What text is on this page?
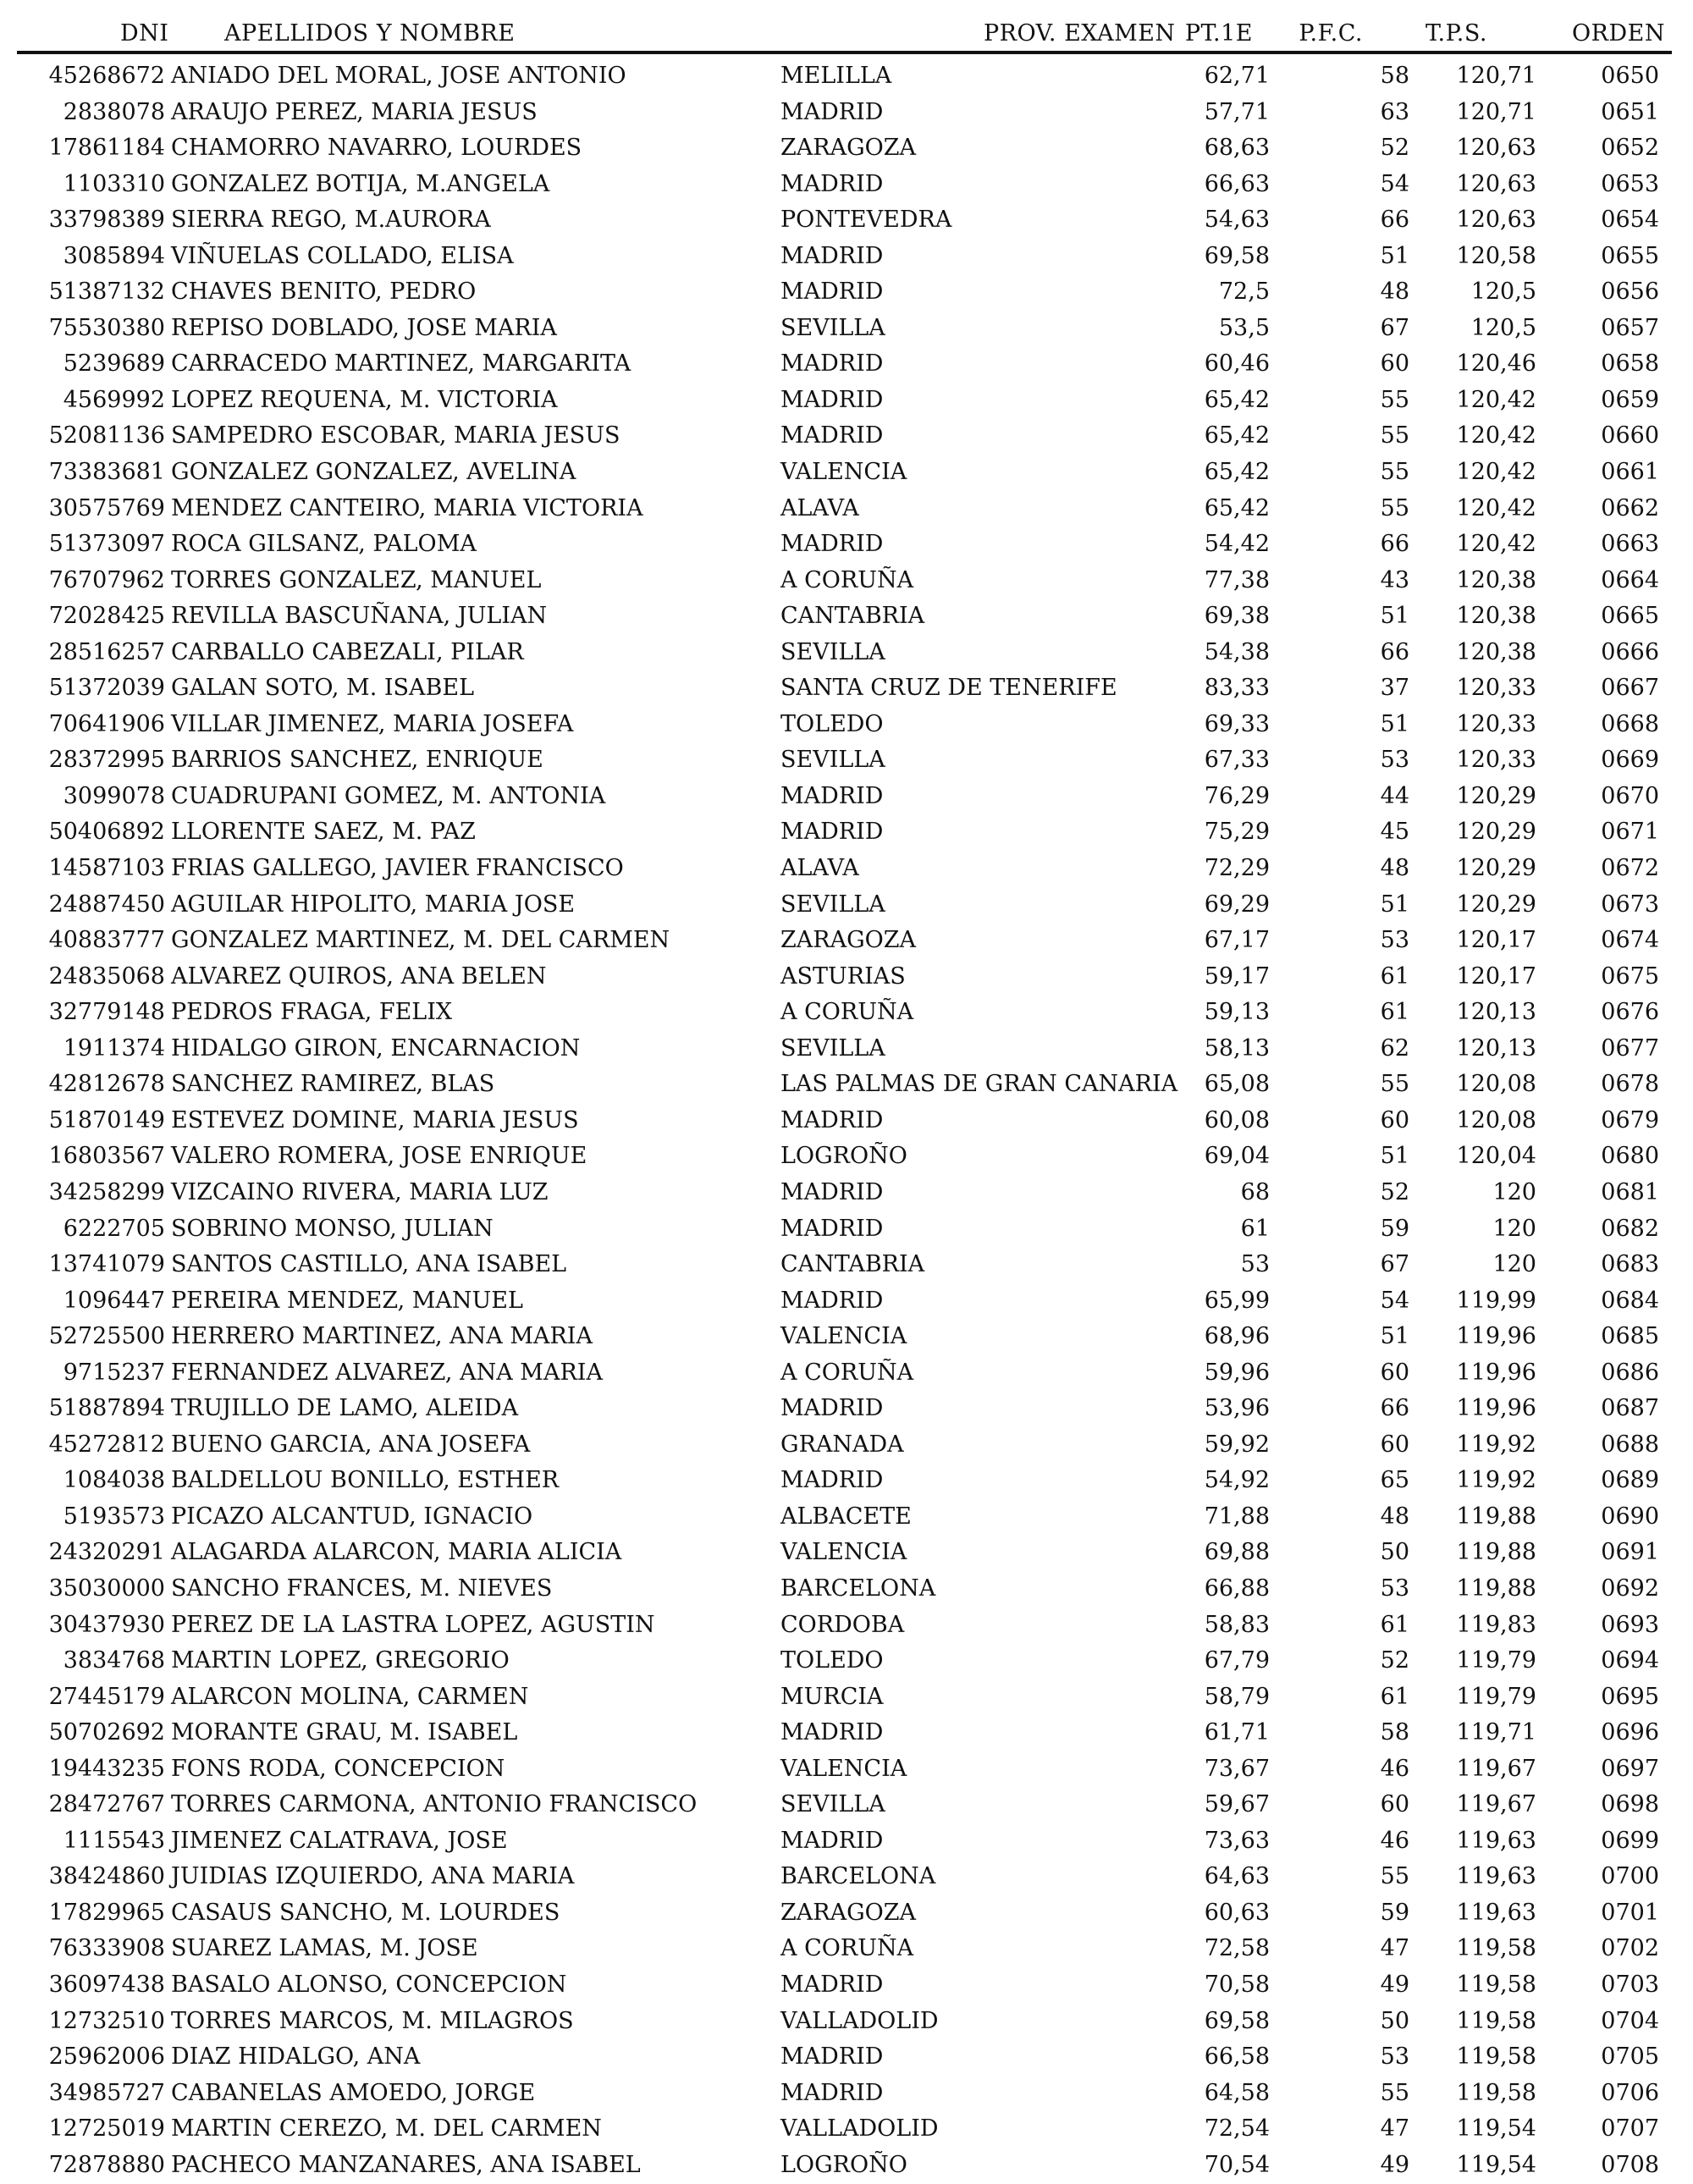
DNI APELLIDOS Y NOMBRE	PROV. EXAMEN PT.1E P.F.C.	T.P.S.	ORDEN
45268672 ANIADO DEL MORAL, JOSE ANTONIO	MELILLA	62,71	58 120,71	0650
2838078 ARAUJO PEREZ, MARIA JESUS	MADRID	57,71	63 120,71	0651
17861184 CHAMORRO NAVARRO, LOURDES	ZARAGOZA	68,63	52 120,63	0652
1103310 GONZALEZ BOTIJA, M.ANGELA	MADRID	66,63	54 120,63	0653
33798389 SIERRA REGO, M.AURORA	PONTEVEDRA	54,63	66 120,63	0654
3085894 VIÑUELAS COLLADO, ELISA	MADRID	69,58	51 120,58	0655
51387132 CHAVES BENITO, PEDRO	MADRID	72,5	48	120,5	0656
75530380 REPISO DOBLADO, JOSE MARIA	SEVILLA	53,5	67	120,5	0657
5239689 CARRACEDO MARTINEZ, MARGARITA	MADRID	60,46	60 120,46	0658
4569992 LOPEZ REQUENA, M. VICTORIA	MADRID	65,42	55 120,42	0659
52081136 SAMPEDRO ESCOBAR, MARIA JESUS	MADRID	65,42	55 120,42	0660
73383681 GONZALEZ GONZALEZ, AVELINA	VALENCIA	65,42	55 120,42	0661
30575769 MENDEZ CANTEIRO, MARIA VICTORIA	ALAVA	65,42	55 120,42	0662
51373097 ROCA GILSANZ, PALOMA	MADRID	54,42	66 120,42	0663
76707962 TORRES GONZALEZ, MANUEL	A CORUÑA	77,38	43 120,38	0664
72028425 REVILLA BASCUÑANA, JULIAN	CANTABRIA	69,38	51 120,38	0665
28516257 CARBALLO CABEZALI, PILAR	SEVILLA	54,38	66 120,38	0666
51372039 GALAN SOTO, M. ISABEL	SANTA CRUZ DE TENERIFE	83,33	37 120,33	0667
70641906 VILLAR JIMENEZ, MARIA JOSEFA	TOLEDO	69,33	51 120,33	0668
28372995 BARRIOS SANCHEZ, ENRIQUE	SEVILLA	67,33	53 120,33	0669
3099078 CUADRUPANI GOMEZ, M. ANTONIA	MADRID	76,29	44 120,29	0670
50406892 LLORENTE SAEZ, M. PAZ	MADRID	75,29	45 120,29	0671
14587103 FRIAS GALLEGO, JAVIER FRANCISCO	ALAVA	72,29	48 120,29	0672
24887450 AGUILAR HIPOLITO, MARIA JOSE	SEVILLA	69,29	51 120,29	0673
40883777 GONZALEZ MARTINEZ, M. DEL CARMEN	ZARAGOZA	67,17	53 120,17	0674
24835068 ALVAREZ QUIROS, ANA BELEN	ASTURIAS	59,17	61 120,17	0675
32779148 PEDROS FRAGA, FELIX	A CORUÑA	59,13	61 120,13	0676
1911374 HIDALGO GIRON, ENCARNACION	SEVILLA	58,13	62 120,13	0677
42812678 SANCHEZ RAMIREZ, BLAS	LAS PALMAS DE GRAN CANARIA 65,08	55 120,08	0678
51870149 ESTEVEZ DOMINE, MARIA JESUS	MADRID	60,08	60 120,08	0679
16803567 VALERO ROMERA, JOSE ENRIQUE	LOGROÑO	69,04	51 120,04	0680
34258299 VIZCAINO RIVERA, MARIA LUZ	MADRID	68	52	120	0681
6222705 SOBRINO MONSO, JULIAN	MADRID	61	59	120	0682
13741079 SANTOS CASTILLO, ANA ISABEL	CANTABRIA	53	67	120	0683
1096447 PEREIRA MENDEZ, MANUEL	MADRID	65,99	54 119,99	0684
52725500 HERRERO MARTINEZ, ANA MARIA	VALENCIA	68,96	51 119,96	0685
9715237 FERNANDEZ ALVAREZ, ANA MARIA	A CORUÑA	59,96	60 119,96	0686
51887894 TRUJILLO DE LAMO, ALEIDA	MADRID	53,96	66 119,96	0687
45272812 BUENO GARCIA, ANA JOSEFA	GRANADA	59,92	60 119,92	0688
1084038 BALDELLOU BONILLO, ESTHER	MADRID	54,92	65 119,92	0689
5193573 PICAZO ALCANTUD, IGNACIO	ALBACETE	71,88	48 119,88	0690
24320291 ALAGARDA ALARCON, MARIA ALICIA	VALENCIA	69,88	50 119,88	0691
35030000 SANCHO FRANCES, M. NIEVES	BARCELONA	66,88	53 119,88	0692
30437930 PEREZ DE LA LASTRA LOPEZ, AGUSTIN	CORDOBA	58,83	61 119,83	0693
3834768 MARTIN LOPEZ, GREGORIO	TOLEDO	67,79	52 119,79	0694
27445179 ALARCON MOLINA, CARMEN	MURCIA	58,79	61 119,79	0695
50702692 MORANTE GRAU, M. ISABEL	MADRID	61,71	58 119,71	0696
19443235 FONS RODA, CONCEPCION	VALENCIA	73,67	46 119,67	0697
28472767 TORRES CARMONA, ANTONIO FRANCISCO	SEVILLA	59,67	60 119,67	0698
1115543 JIMENEZ CALATRAVA, JOSE	MADRID	73,63	46 119,63	0699
38424860 JUIDIAS IZQUIERDO, ANA MARIA	BARCELONA	64,63	55 119,63	0700
17829965 CASAUS SANCHO, M. LOURDES	ZARAGOZA	60,63	59 119,63	0701
76333908 SUAREZ LAMAS, M. JOSE	A CORUÑA	72,58	47 119,58	0702
36097438 BASALO ALONSO, CONCEPCION	MADRID	70,58	49 119,58	0703
12732510 TORRES MARCOS, M. MILAGROS	VALLADOLID	69,58	50 119,58	0704
25962006 DIAZ HIDALGO, ANA	MADRID	66,58	53 119,58	0705
34985727 CABANELAS AMOEDO, JORGE	MADRID	64,58	55 119,58	0706
12725019 MARTIN CEREZO, M. DEL CARMEN	VALLADOLID	72,54	47 119,54	0707
72878880 PACHECO MANZANARES, ANA ISABEL	LOGROÑO	70,54	49 119,54	0708
